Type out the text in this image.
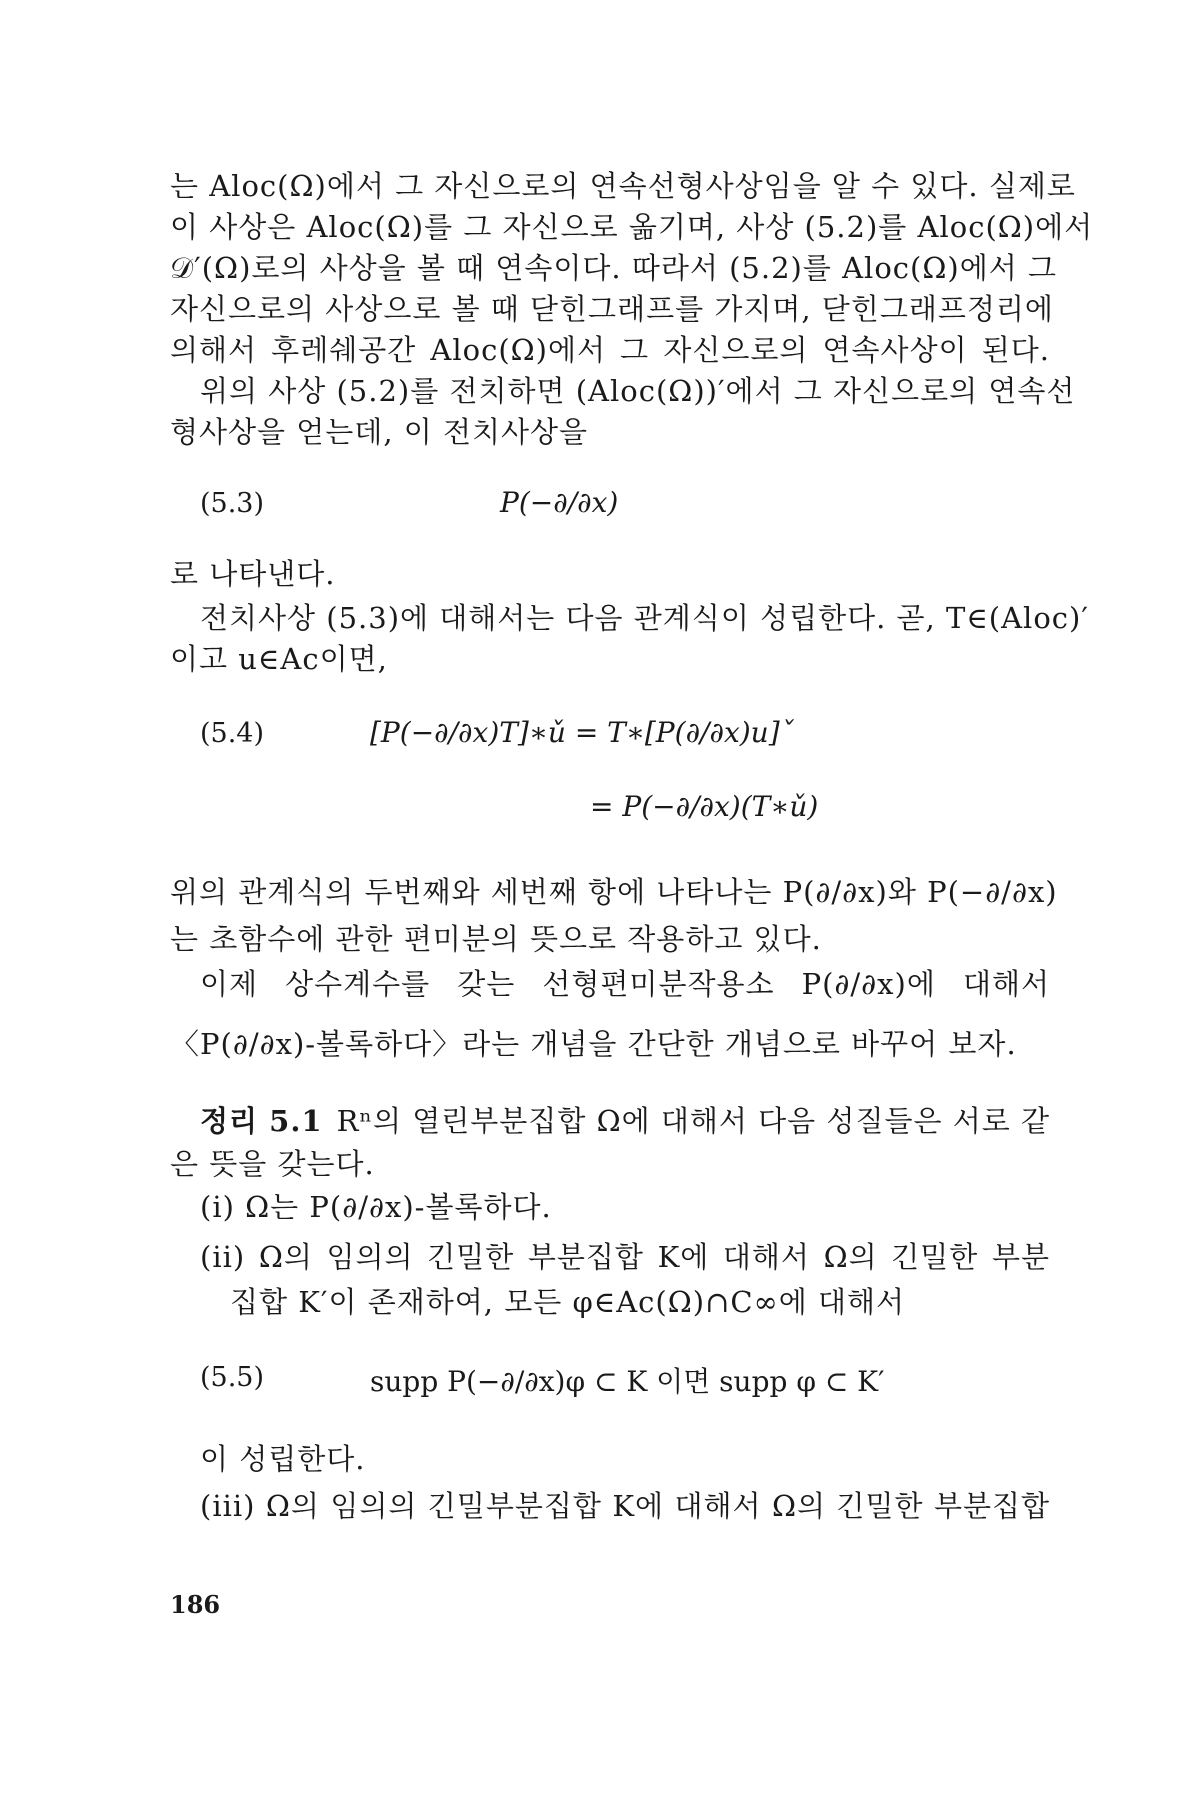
는 Aloc(Ω)에서 그 자신으로의 연속선형사상임을 알 수 있다. 실제로
이 사상은 Aloc(Ω)를 그 자신으로 옮기며, 사상 (5.2)를 Aloc(Ω)에서
𝒟′(Ω)로의 사상을 볼 때 연속이다. 따라서 (5.2)를 Aloc(Ω)에서 그
자신으로의 사상으로 볼 때 닫힌그래프를 가지며, 닫힌그래프정리에
의해서 후레쉐공간 Aloc(Ω)에서 그 자신으로의 연속사상이 된다.
위의 사상 (5.2)를 전치하면 (Aloc(Ω))′에서 그 자신으로의 연속선
형사상을 얻는데, 이 전치사상을
(5.3)	P(−∂/∂x)
로 나타낸다.
전치사상 (5.3)에 대해서는 다음 관계식이 성립한다. 곧, T∈(Aloc)′
이고 u∈Ac이면,
(5.4)	[P(−∂/∂x)T]∗ǔ = T∗[P(∂/∂x)u]ˇ
= P(−∂/∂x)(T∗ǔ)
위의 관계식의 두번째와 세번째 항에 나타나는 P(∂/∂x)와 P(−∂/∂x)
는 초함수에 관한 편미분의 뜻으로 작용하고 있다.
이제 상수계수를 갖는 선형편미분작용소 P(∂/∂x)에 대해서
〈P(∂/∂x)-볼록하다〉라는 개념을 간단한 개념으로 바꾸어 보자.
정리 5.1 Rⁿ의 열린부분집합 Ω에 대해서 다음 성질들은 서로 같
은 뜻을 갖는다.
(i) Ω는 P(∂/∂x)-볼록하다.
(ii) Ω의 임의의 긴밀한 부분집합 K에 대해서 Ω의 긴밀한 부분
집합 K′이 존재하여, 모든 φ∈Ac(Ω)∩C∞에 대해서
(5.5)	supp P(−∂/∂x)φ ⊂ K 이면 supp φ ⊂ K′
이 성립한다.
(iii) Ω의 임의의 긴밀부분집합 K에 대해서 Ω의 긴밀한 부분집합
186
